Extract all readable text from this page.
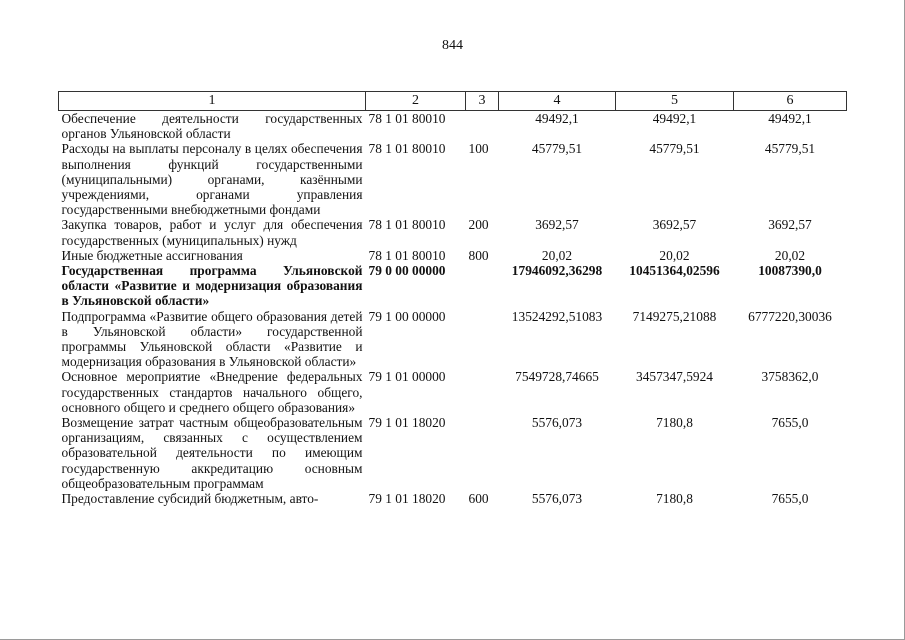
844
1	2	3	4	5	6
Обеспечение деятельности государственных органов Ульяновской области	78 1 01 80010		49492,1	49492,1	49492,1
Расходы на выплаты персоналу в целях обеспечения выполнения функций государственными (муниципальными) органами, казёнными учреждениями, органами управления государственными внебюджетными фондами	78 1 01 80010	100	45779,51	45779,51	45779,51
Закупка товаров, работ и услуг для обеспечения государственных (муниципальных) нужд	78 1 01 80010	200	3692,57	3692,57	3692,57
Иные бюджетные ассигнования	78 1 01 80010	800	20,02	20,02	20,02
Государственная программа Ульяновской области «Развитие и модернизация образования в Ульяновской области»	79 0 00 00000		17946092,36298	10451364,02596	10087390,0
Подпрограмма «Развитие общего образования детей в Ульяновской области» государственной программы Ульяновской области «Развитие и модернизация образования в Ульяновской области»	79 1 00 00000		13524292,51083	7149275,21088	6777220,30036
Основное мероприятие «Внедрение федеральных государственных стандартов начального общего, основного общего и среднего общего образования»	79 1 01 00000		7549728,74665	3457347,5924	3758362,0
Возмещение затрат частным общеобразовательным организациям, связанных с осуществлением образовательной деятельности по имеющим государственную аккредитацию основным общеобразовательным программам	79 1 01 18020		5576,073	7180,8	7655,0
Предоставление субсидий бюджетным, авто-	79 1 01 18020	600	5576,073	7180,8	7655,0
